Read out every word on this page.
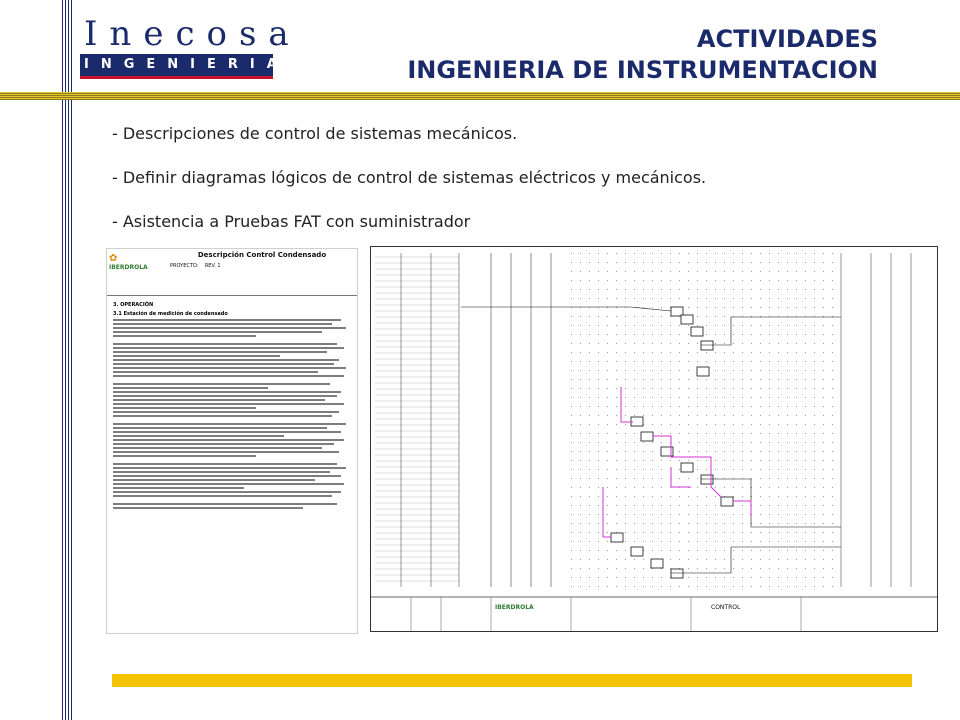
Inecosa
INGENIERIA
ACTIVIDADES
INGENIERIA DE INSTRUMENTACION
- Descripciones de control de sistemas mecánicos.
- Definir diagramas lógicos de control de sistemas eléctricos y mecánicos.
- Asistencia a Pruebas FAT con suministrador
✿
IBERDROLA
Descripción Control Condensado
PROYECTO: REV. 1
3. OPERACIÓN
3.1 Estación de medición de condensado
CONTROL
IBERDROLA
